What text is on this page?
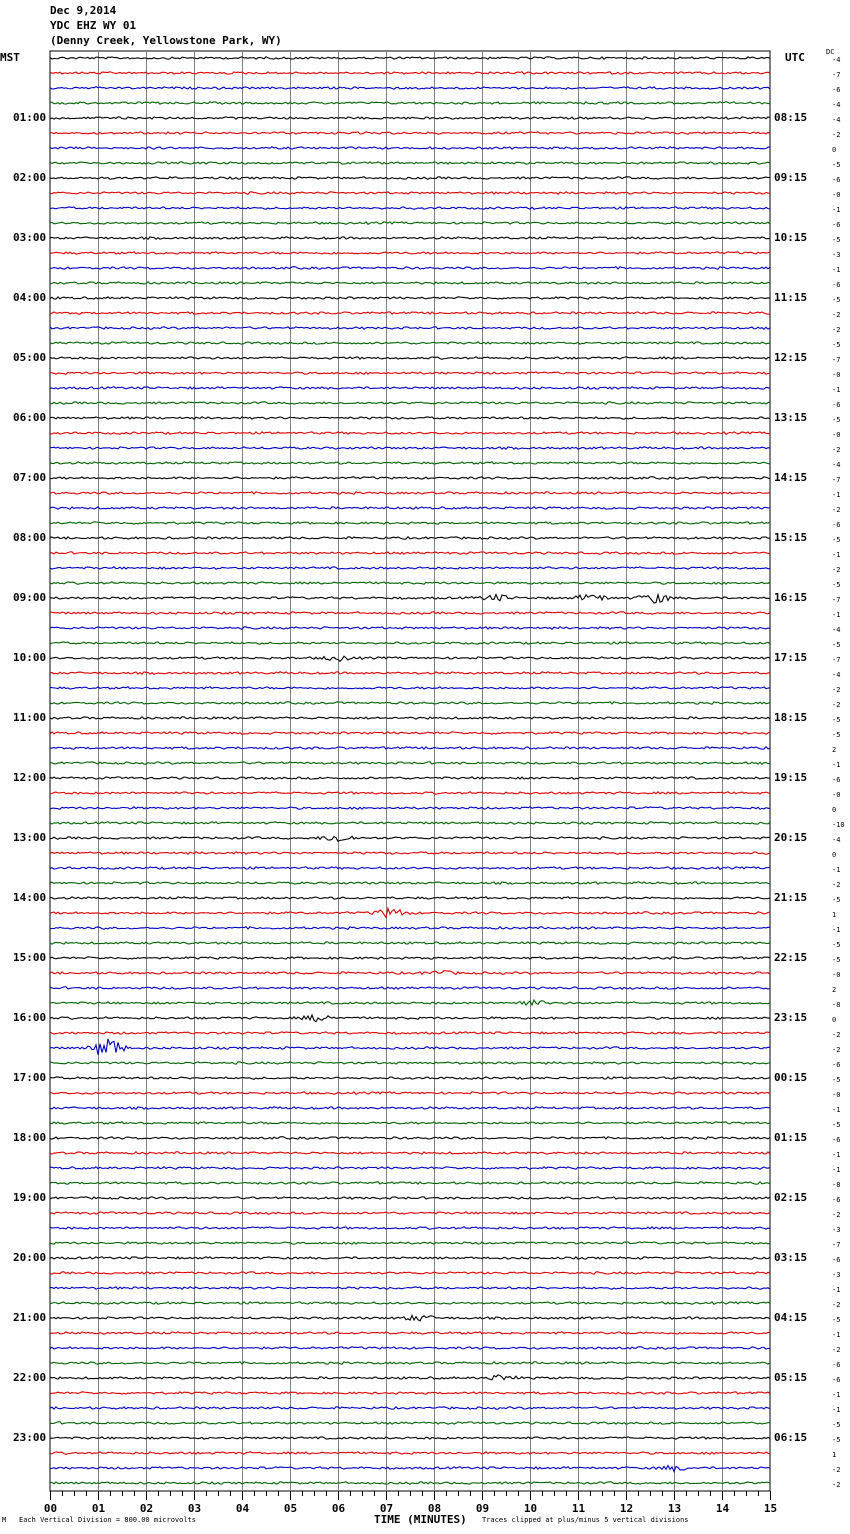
Dec 9,2014
YDC EHZ WY 01
(Denny Creek, Yellowstone Park, WY)
MST	UTC	DC
00	01	02	03	04	05	06	07	08	09	10	11	12	13	14	15
01:00	08:15
02:00	09:15
03:00	10:15
04:00	11:15
05:00	12:15
06:00	13:15
07:00	14:15
08:00	15:15
09:00	16:15
10:00	17:15
11:00	18:15
12:00	19:15
13:00	20:15
14:00	21:15
15:00	22:15
16:00	23:15
17:00	00:15
18:00	01:15
19:00	02:15
20:00	03:15
21:00	04:15
22:00	05:15
23:00	06:15
-4
-7
-6
-4
-4
-2
0
-5
-6
-0
-1
-6
-5
-3
-1
-6
-5
-2
-2
-5
-7
-0
-1
-6
-5
-0
-2
-4
-7
-1
-2
-6
-5
-1
-2
-5
-7
-1
-4
-5
-7
-4
-2
-2
-5
-5
2
-1
-6
-0
0
-10
-4
0
-1
-2
-5
1
-1
-5
-5
-0
2
-8
0
-2
-2
-6
-5
-0
-1
-5
-6
-1
-1
-8
-6
-2
-3
-7
-6
-3
-1
-2
-5
-1
-2
-6
-6
-1
-1
-5
-5
1
-2
-2
M Each Vertical Division = 800.00 microvolts	TIME (MINUTES) Traces clipped at plus/minus 5 vertical divisions
